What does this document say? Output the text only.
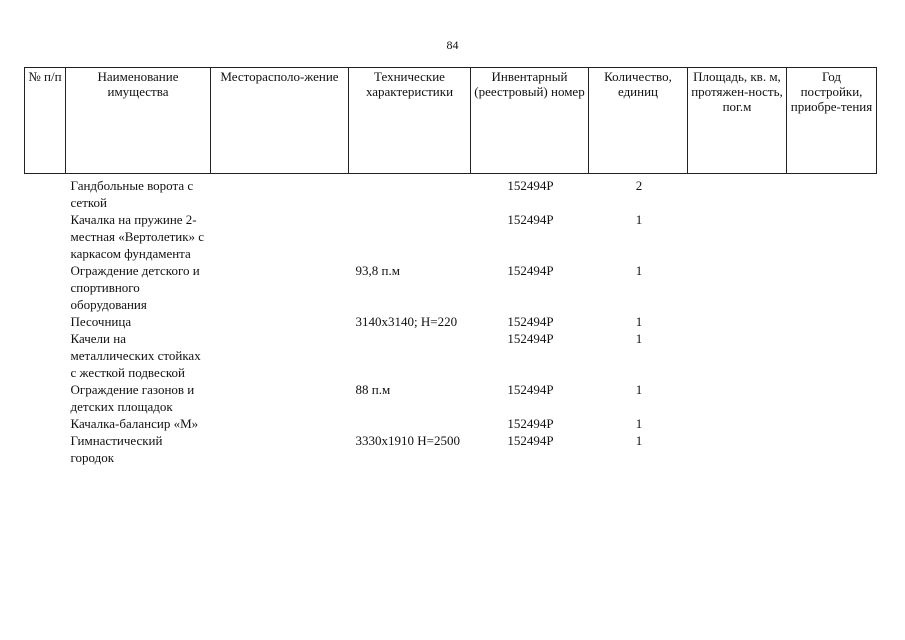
84
№ п/п	Наименование имущества	Месторасполо-жение	Технические характеристики	Инвентарный (реестровый) номер	Количество, единиц	Площадь, кв. м, протяжен-ность, пог.м	Год постройки, приобре-тения
	Гандбольные ворота с сеткой			152494Р	2		
	Качалка на пружине 2-местная «Вертолетик» с каркасом фундамента			152494Р	1		
	Ограждение детского и спортивного оборудования		93,8 п.м	152494Р	1		
	Песочница		3140х3140; Н=220	152494Р	1		
	Качели на металлических стойках с жесткой подвеской			152494Р	1		
	Ограждение газонов и детских площадок		88 п.м	152494Р	1		
	Качалка-балансир «М»			152494Р	1		
	Гимнастический городок		3330х1910 Н=2500	152494Р	1		
